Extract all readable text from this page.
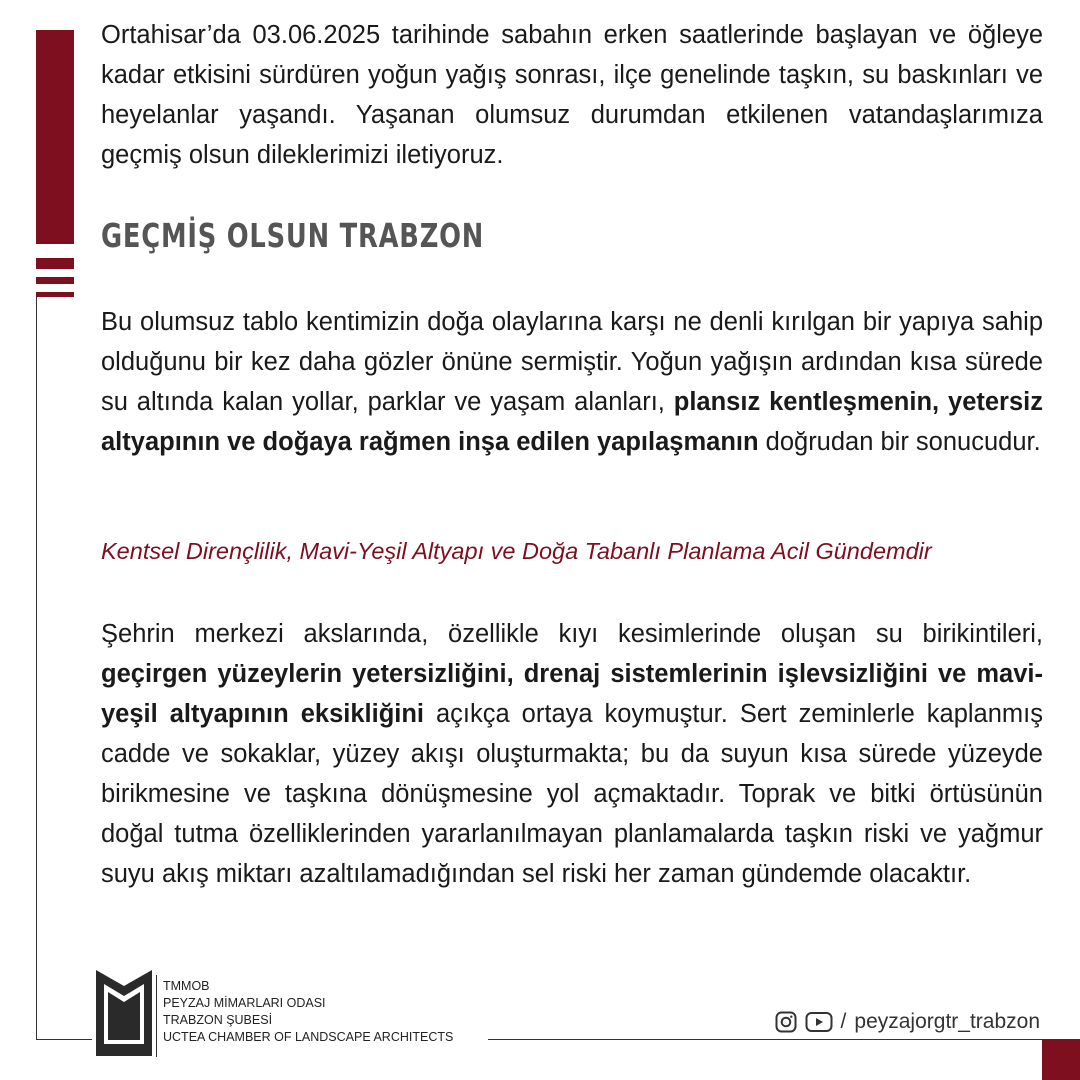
Ortahisar’da 03.06.2025 tarihinde sabahın erken saatlerinde başlayan ve öğleye kadar etkisini sürdüren yoğun yağış sonrası, ilçe genelinde taşkın, su baskınları ve heyelanlar yaşandı. Yaşanan olumsuz durumdan etkilenen vatandaşlarımıza geçmiş olsun dileklerimizi iletiyoruz.

GEÇMİŞ OLSUN TRABZON

Bu olumsuz tablo kentimizin doğa olaylarına karşı ne denli kırılgan bir yapıya sahip olduğunu bir kez daha gözler önüne sermiştir. Yoğun yağışın ardından kısa sürede su altında kalan yollar, parklar ve yaşam alanları, plansız kentleşmenin, yetersiz altyapının ve doğaya rağmen inşa edilen yapılaşmanın doğrudan bir sonucudur.

Kentsel Dirençlilik, Mavi-Yeşil Altyapı ve Doğa Tabanlı Planlama Acil Gündemdir

Şehrin merkezi akslarında, özellikle kıyı kesimlerinde oluşan su birikintileri, geçirgen yüzeylerin yetersizliğini, drenaj sistemlerinin işlevsizliğini ve mavi-yeşil altyapının eksikliğini açıkça ortaya koymuştur. Sert zeminlerle kaplanmış cadde ve sokaklar, yüzey akışı oluşturmakta; bu da suyun kısa sürede yüzeyde birikmesine ve taşkına dönüşmesine yol açmaktadır. Toprak ve bitki örtüsünün doğal tutma özelliklerinden yararlanılmayan planlamalarda taşkın riski ve yağmur suyu akış miktarı azaltılamadığından sel riski her zaman gündemde olacaktır.

TMMOB
PEYZAJ MİMARLARI ODASI
TRABZON ŞUBESİ
UCTEA CHAMBER OF LANDSCAPE ARCHITECTS
/ peyzajorgtr_trabzon
